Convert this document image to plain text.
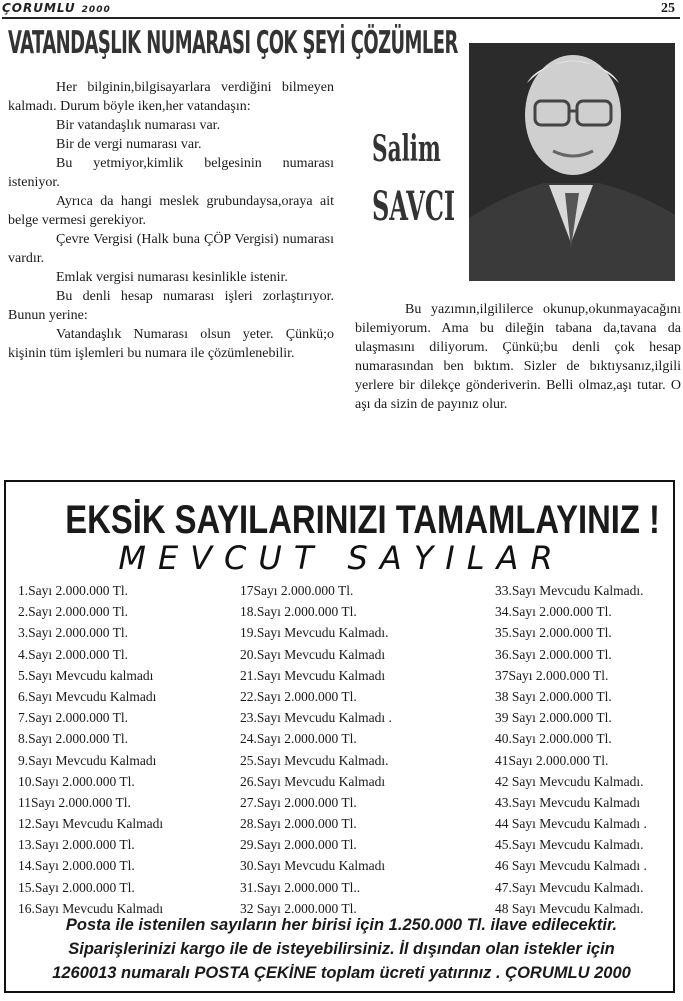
ÇORUMLU 2000	25
VATANDAŞLIK NUMARASI ÇOK ŞEYİ ÇÖZÜMLER

Her bilginin,bilgisayarlara verdiğini bilmeyen kalmadı. Durum böyle iken,her vatandaşın:

Bir vatandaşlık numarası var.

Bir de vergi numarası var.

Bu yetmiyor,kimlik belgesinin numarası isteniyor.

Ayrıca da hangi meslek grubundaysa,oraya ait belge vermesi gerekiyor.

Çevre Vergisi (Halk buna ÇÖP Vergisi) numarası vardır.

Emlak vergisi numarası kesinlikle istenir.

Bu denli hesap numarası işleri zorlaştırıyor. Bunun yerine:

Vatandaşlık Numarası olsun yeter. Çünkü;o kişinin tüm işlemleri bu numara ile çözümlenebilir.

Salim
SAVCI

Bu yazımın,ilgililerce okunup,okunmayacağını bilemiyorum. Ama bu dileğin tabana da,tavana da ulaşmasını diliyorum. Çünkü;bu denli çok hesap numarasından ben bıktım. Sizler de bıktıysanız,ilgili yerlere bir dilekçe gönderiverin. Belli olmaz,aşı tutar. O aşı da sizin de payınız olur.

EKSİK SAYILARINIZI TAMAMLAYINIZ !
MEVCUT SAYILAR
1.Sayı 2.000.000 Tl.
2.Sayı 2.000.000 Tl.
3.Sayı 2.000.000 Tl.
4.Sayı 2.000.000 Tl.
5.Sayı Mevcudu kalmadı
6.Sayı Mevcudu Kalmadı
7.Sayı 2.000.000 Tl.
8.Sayı 2.000.000 Tl.
9.Sayı Mevcudu Kalmadı
10.Sayı 2.000.000 Tl.
11Sayı 2.000.000 Tl.
12.Sayı Mevcudu Kalmadı
13.Sayı 2.000.000 Tl.
14.Sayı 2.000.000 Tl.
15.Sayı 2.000.000 Tl.
16.Sayı Mevcudu Kalmadı
17Sayı 2.000.000 Tl.
18.Sayı 2.000.000 Tl.
19.Sayı Mevcudu Kalmadı.
20.Sayı Mevcudu Kalmadı
21.Sayı Mevcudu Kalmadı
22.Sayı 2.000.000 Tl.
23.Sayı Mevcudu Kalmadı .
24.Sayı 2.000.000 Tl.
25.Sayı Mevcudu Kalmadı.
26.Sayı Mevcudu Kalmadı
27.Sayı 2.000.000 Tl.
28.Sayı 2.000.000 Tl.
29.Sayı 2.000.000 Tl.
30.Sayı Mevcudu Kalmadı
31.Sayı 2.000.000 Tl..
32 Sayı 2.000.000 Tl.
33.Sayı Mevcudu Kalmadı.
34.Sayı 2.000.000 Tl.
35.Sayı 2.000.000 Tl.
36.Sayı 2.000.000 Tl.
37Sayı 2.000.000 Tl.
38 Sayı 2.000.000 Tl.
39 Sayı 2.000.000 Tl.
40.Sayı 2.000.000 Tl.
41Sayı 2.000.000 Tl.
42 Sayı Mevcudu Kalmadı.
43.Sayı Mevcudu Kalmadı
44 Sayı Mevcudu Kalmadı .
45.Sayı Mevcudu Kalmadı.
46 Sayı Mevcudu Kalmadı .
47.Sayı Mevcudu Kalmadı.
48 Sayı Mevcudu Kalmadı.
Posta ile istenilen sayıların her birisi için 1.250.000 Tl. ilave edilecektir.
Siparişlerinizi kargo ile de isteyebilirsiniz. İl dışından olan istekler için
1260013 numaralı POSTA ÇEKİNE toplam ücreti yatırınız . ÇORUMLU 2000
